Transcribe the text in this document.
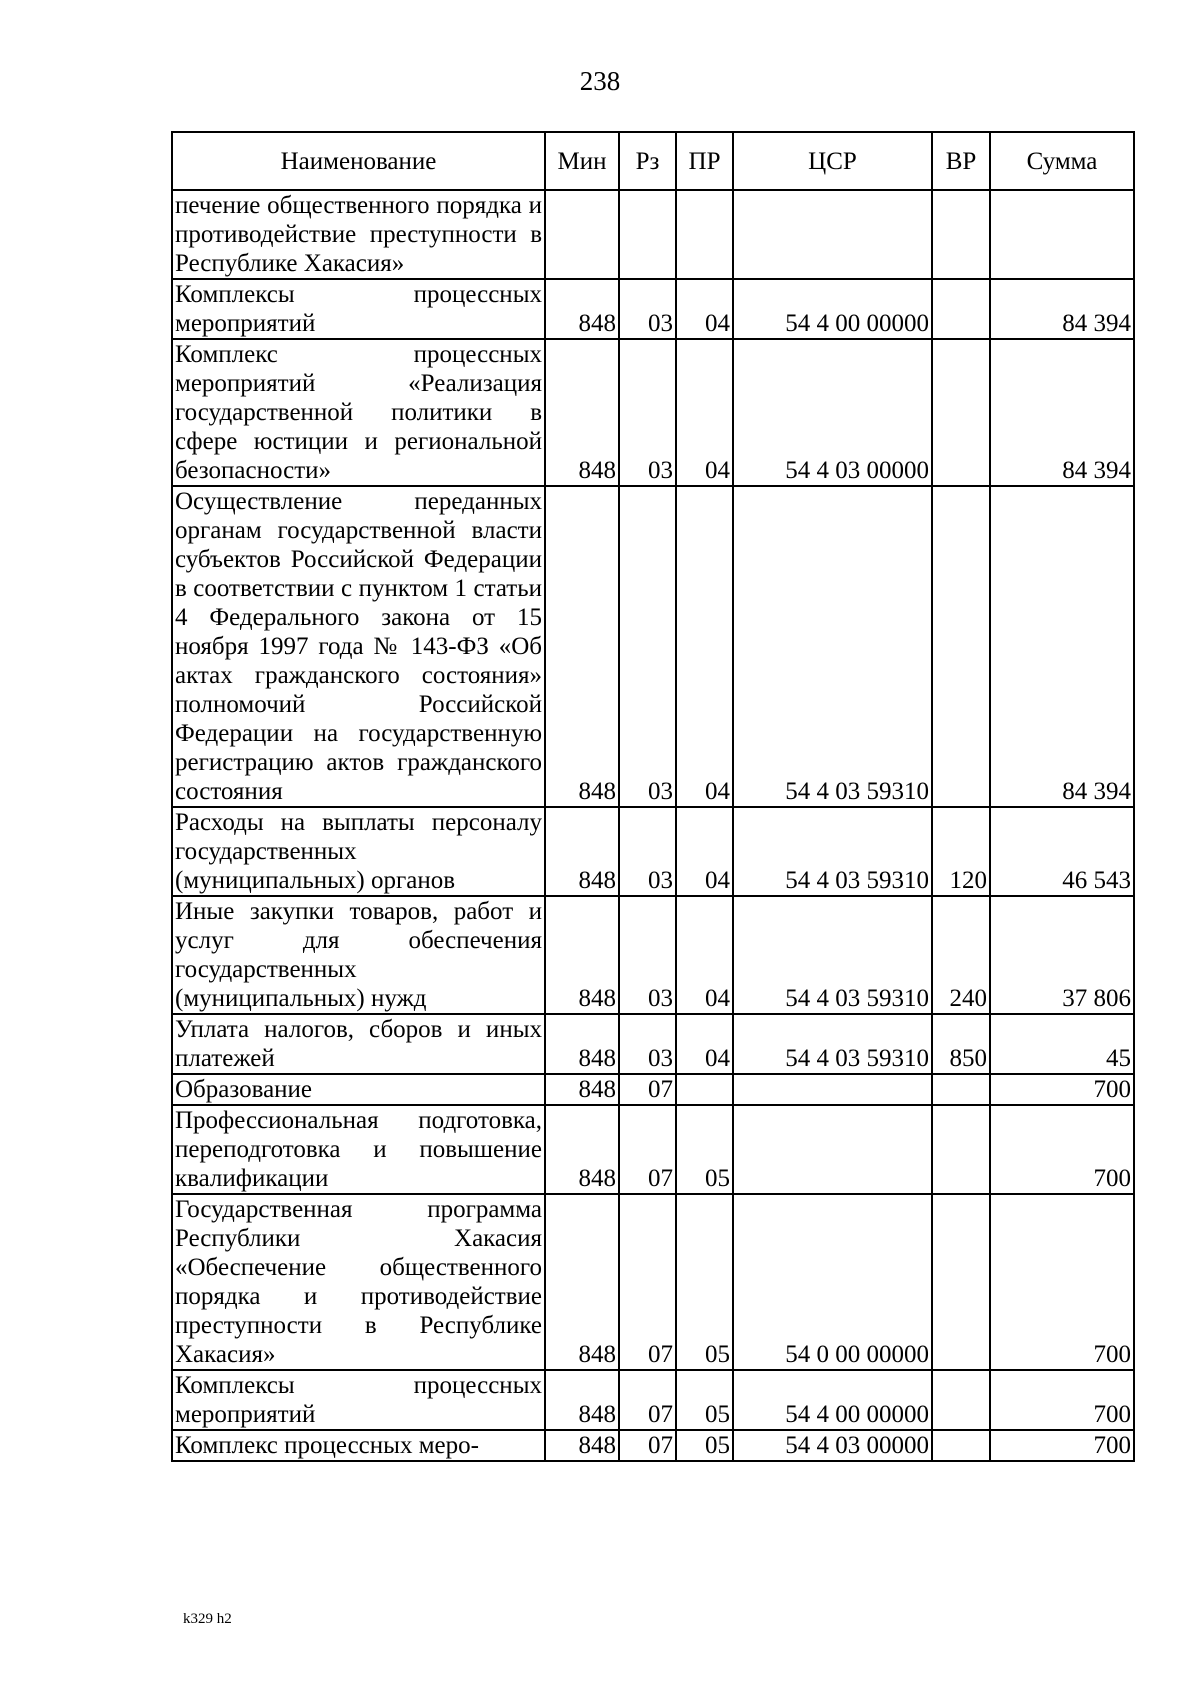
238
Наименование	Мин	Рз	ПР	ЦСР	ВР	Сумма
печение общественного порядка и противодействие преступности в Республике Хакасия»						
Комплексы процессных мероприятий	848	03	04	54 4 00 00000		84 394
Комплекс процессных мероприятий «Реализация государственной политики в сфере юстиции и региональной безопасности»	848	03	04	54 4 03 00000		84 394
Осуществление переданных органам государственной власти субъектов Российской Федерации в соответствии с пунктом 1 статьи 4 Федерального закона от 15 ноября 1997 года № 143-ФЗ «Об актах гражданского состояния» полномочий Российской Федерации на государственную регистрацию актов гражданского состояния	848	03	04	54 4 03 59310		84 394
Расходы на выплаты персоналу государственных (муниципальных) органов	848	03	04	54 4 03 59310	120	46 543
Иные закупки товаров, работ и услуг для обеспечения государственных (муниципальных) нужд	848	03	04	54 4 03 59310	240	37 806
Уплата налогов, сборов и иных платежей	848	03	04	54 4 03 59310	850	45
Образование	848	07				700
Профессиональная подготовка, переподготовка и повышение квалификации	848	07	05			700
Государственная программа Республики Хакасия «Обеспечение общественного порядка и противодействие преступности в Республике Хакасия»	848	07	05	54 0 00 00000		700
Комплексы процессных мероприятий	848	07	05	54 4 00 00000		700
Комплекс процессных меро-	848	07	05	54 4 03 00000		700
k329 h2
